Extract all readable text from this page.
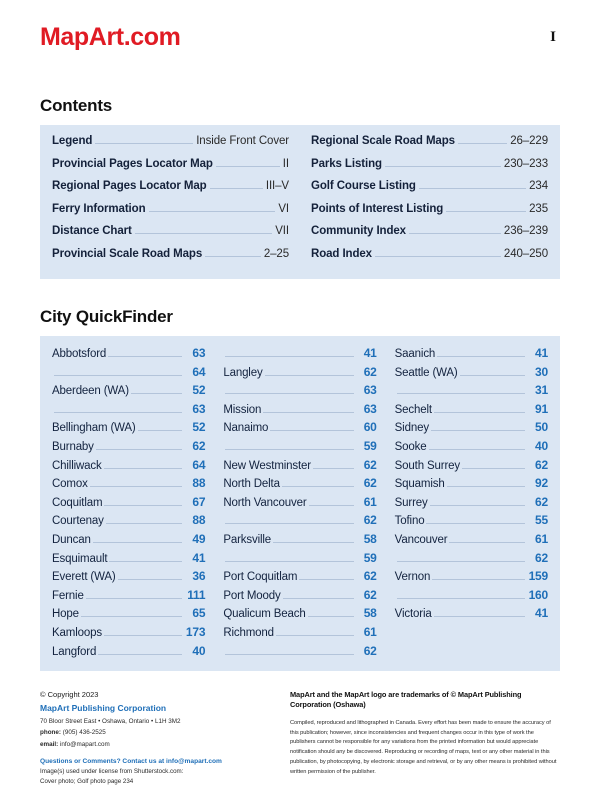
MapArt.com	I
Contents
Legend	Inside Front Cover
Provincial Pages Locator Map	II
Regional Pages Locator Map	III–V
Ferry Information	VI
Distance Chart	VII
Provincial Scale Road Maps	2–25
Regional Scale Road Maps	26–229
Parks Listing	230–233
Golf Course Listing	234
Points of Interest Listing	235
Community Index	236–239
Road Index	240–250
City QuickFinder
Abbotsford	63
64
Aberdeen (WA)	52
63
Bellingham (WA)	52
Burnaby	62
Chilliwack	64
Comox	88
Coquitlam	67
Courtenay	88
Duncan	49
Esquimault	41
Everett (WA)	36
Fernie	111
Hope	65
Kamloops	173
Langford	40
41
Langley	62
63
Mission	63
Nanaimo	60
59
New Westminster	62
North Delta	62
North Vancouver	61
62
Parksville	58
59
Port Coquitlam	62
Port Moody	62
Qualicum Beach	58
Richmond	61
62
Saanich	41
Seattle (WA)	30
31
Sechelt	91
Sidney	50
Sooke	40
South Surrey	62
Squamish	92
Surrey	62
Tofino	55
Vancouver	61
62
Vernon	159
160
Victoria	41
© Copyright 2023
MapArt Publishing Corporation
70 Bloor Street East • Oshawa, Ontario • L1H 3M2
phone: (905) 436-2525
email: info@mapart.com
Questions or Comments? Contact us at info@mapart.com
Image(s) used under license from Shutterstock.com:
Cover photo; Golf photo page 234
MapArt and the MapArt logo are trademarks of © MapArt Publishing Corporation (Oshawa)
Compiled, reproduced and lithographed in Canada. Every effort has been made to ensure the accuracy of this publication; however, since inconsistencies and frequent changes occur in this type of work the publishers cannot be responsible for any variations from the printed information but would appreciate notification should any be discovered. Reproducing or recording of maps, text or any other material in this publication, by photocopying, by electronic storage and retrieval, or by any other means is prohibited without written permission of the publisher.
